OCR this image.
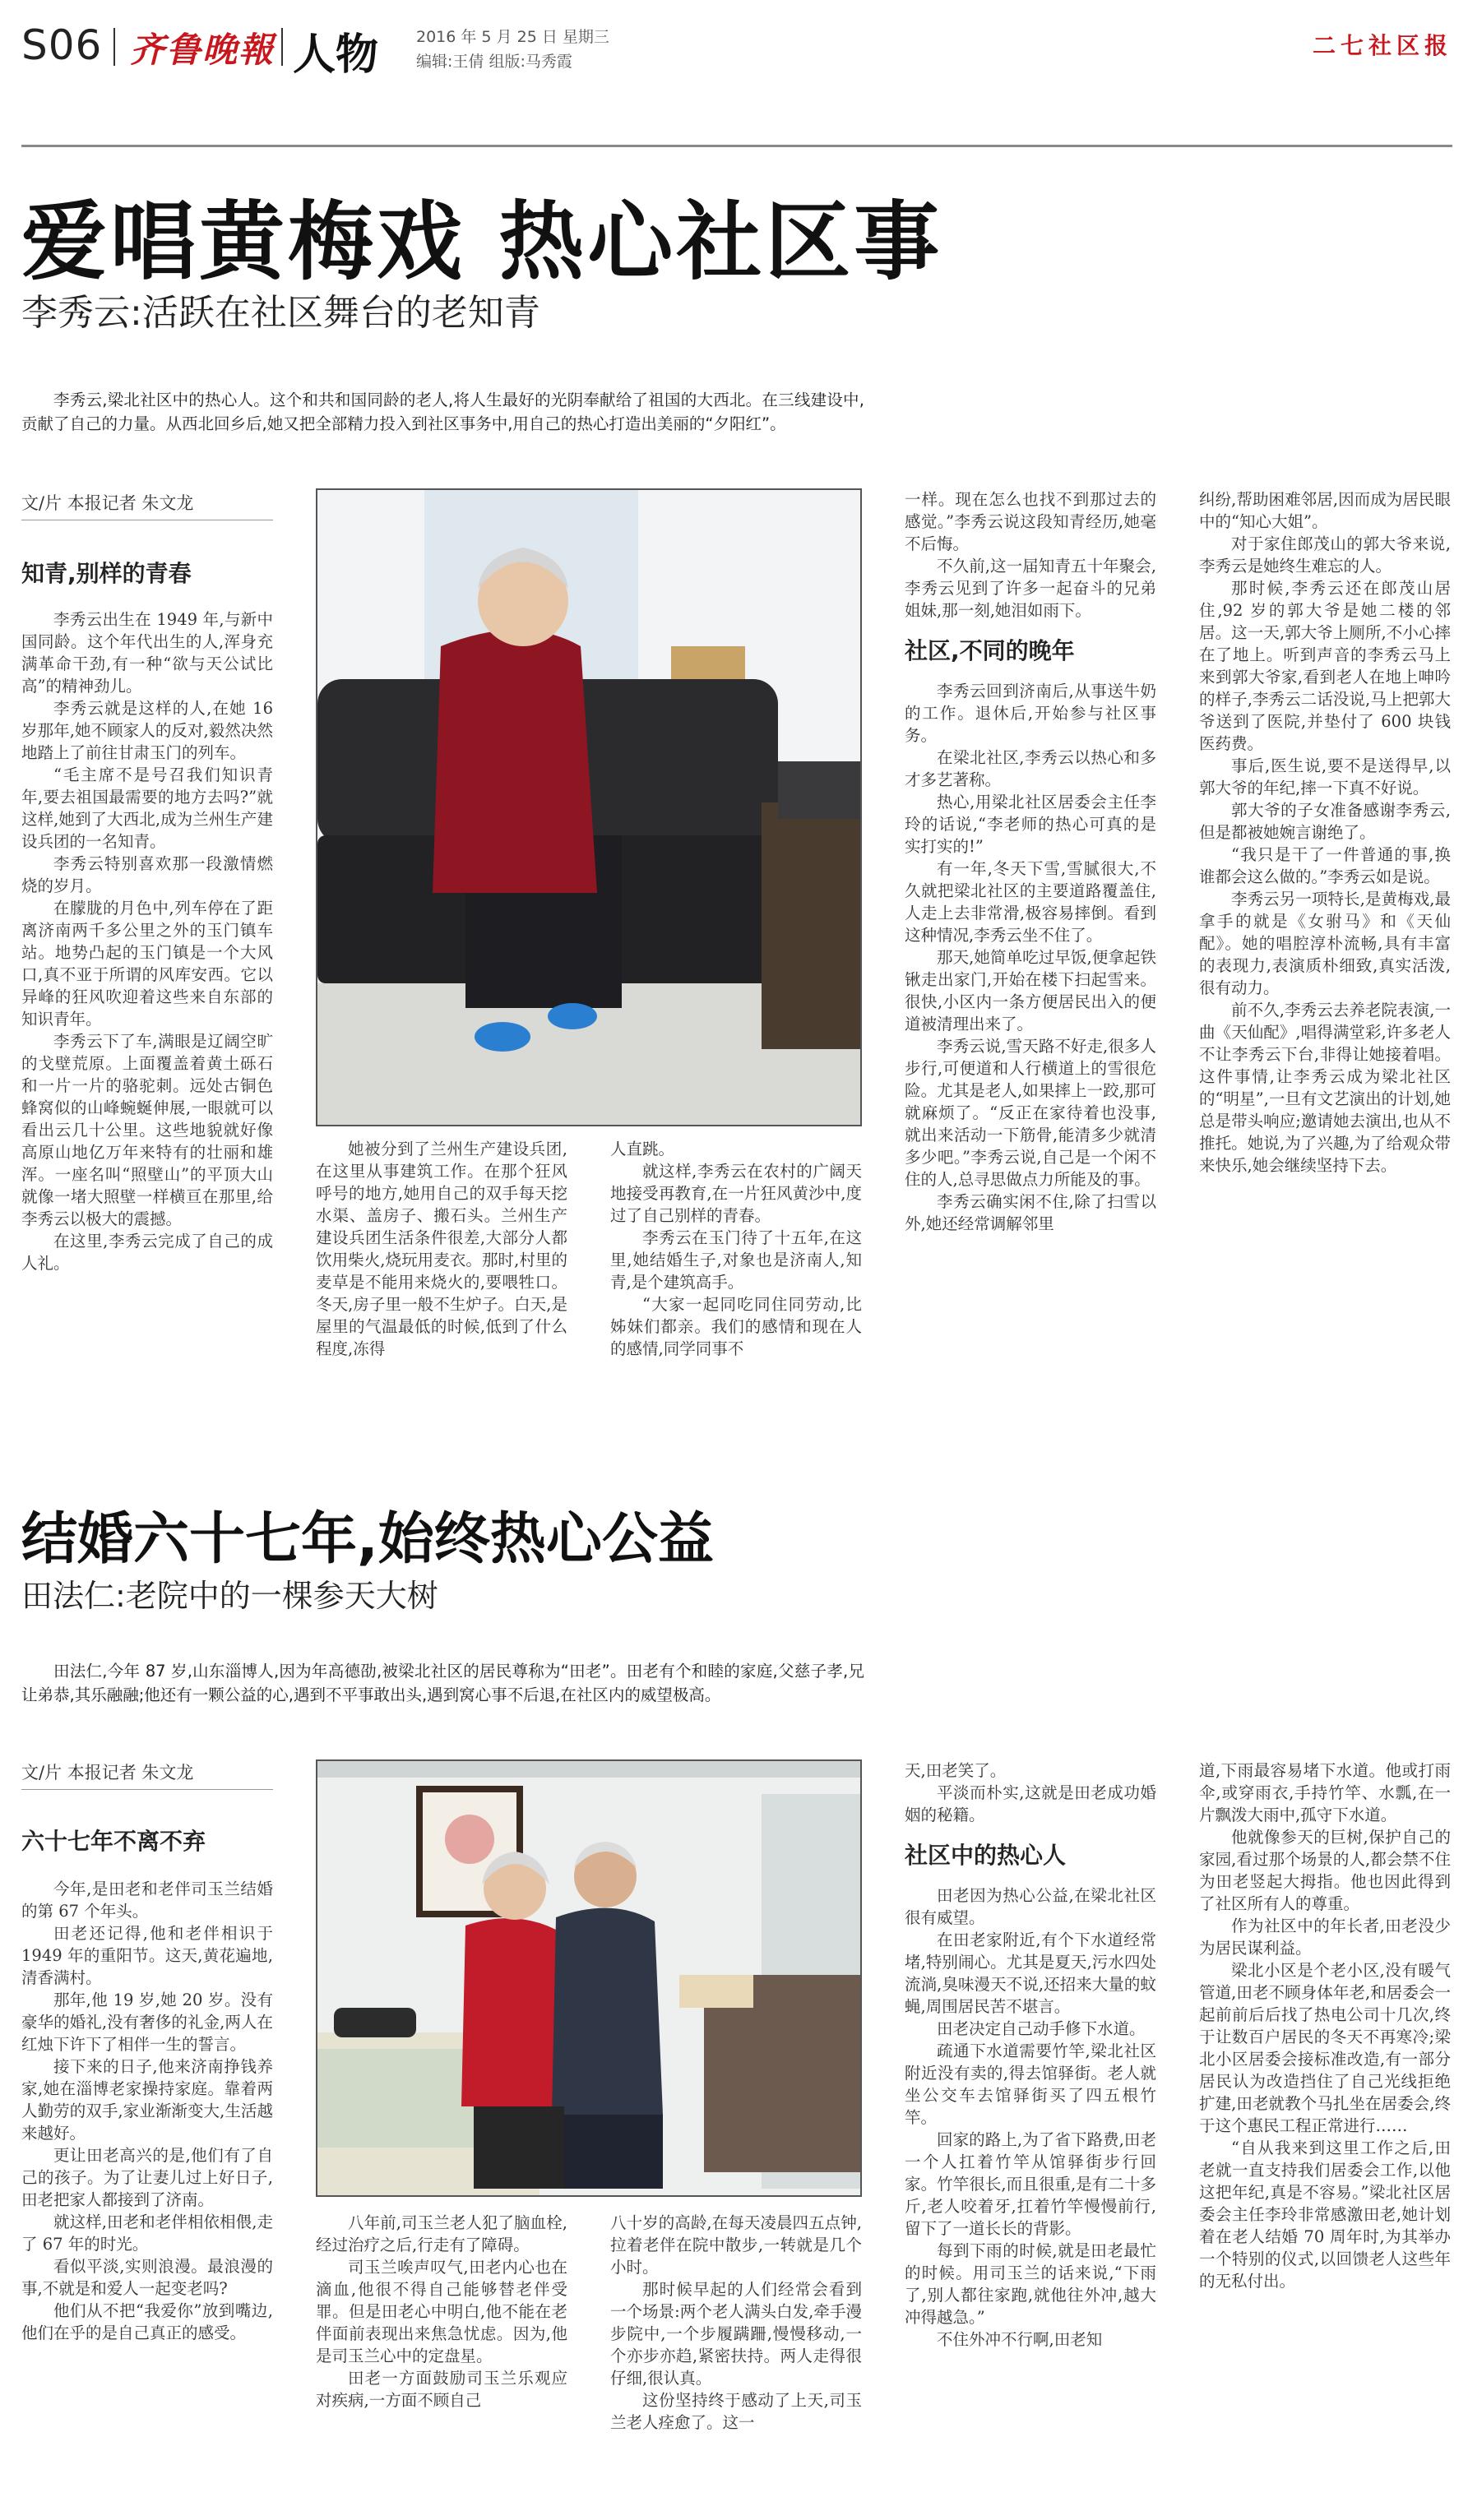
S06 齐鲁晚報 人物 2016 年 5 月 25 日 星期三
编辑:王倩 组版:马秀霞
二七社区报
爱唱黄梅戏 热心社区事
李秀云:活跃在社区舞台的老知青
李秀云,梁北社区中的热心人。这个和共和国同龄的老人,将人生最好的光阴奉献给了祖国的大西北。在三线建设中,贡献了自己的力量。从西北回乡后,她又把全部精力投入到社区事务中,用自己的热心打造出美丽的“夕阳红”。
文/片 本报记者 朱文龙
知青,别样的青春

李秀云出生在 1949 年,与新中国同龄。这个年代出生的人,浑身充满革命干劲,有一种“欲与天公试比高”的精神劲儿。

李秀云就是这样的人,在她 16 岁那年,她不顾家人的反对,毅然决然地踏上了前往甘肃玉门的列车。

“毛主席不是号召我们知识青年,要去祖国最需要的地方去吗?”就这样,她到了大西北,成为兰州生产建设兵团的一名知青。

李秀云特别喜欢那一段激情燃烧的岁月。

在朦胧的月色中,列车停在了距离济南两千多公里之外的玉门镇车站。地势凸起的玉门镇是一个大风口,真不亚于所谓的风库安西。它以异峰的狂风吹迎着这些来自东部的知识青年。

李秀云下了车,满眼是辽阔空旷的戈壁荒原。上面覆盖着黄土砾石和一片一片的骆驼刺。远处古铜色蜂窝似的山峰蜿蜒伸展,一眼就可以看出云几十公里。这些地貌就好像高原山地亿万年来特有的壮丽和雄浑。一座名叫“照壁山”的平顶大山就像一堵大照壁一样横亘在那里,给李秀云以极大的震撼。

在这里,李秀云完成了自己的成人礼。

她被分到了兰州生产建设兵团,在这里从事建筑工作。在那个狂风呼号的地方,她用自己的双手每天挖水渠、盖房子、搬石头。兰州生产建设兵团生活条件很差,大部分人都饮用柴火,烧玩用麦衣。那时,村里的麦草是不能用来烧火的,要喂牲口。冬天,房子里一般不生炉子。白天,是屋里的气温最低的时候,低到了什么程度,冻得

人直跳。

就这样,李秀云在农村的广阔天地接受再教育,在一片狂风黄沙中,度过了自己别样的青春。

李秀云在玉门待了十五年,在这里,她结婚生子,对象也是济南人,知青,是个建筑高手。

“大家一起同吃同住同劳动,比姊妹们都亲。我们的感情和现在人的感情,同学同事不

一样。现在怎么也找不到那过去的感觉。”李秀云说这段知青经历,她毫不后悔。

不久前,这一届知青五十年聚会,李秀云见到了许多一起奋斗的兄弟姐妹,那一刻,她泪如雨下。

社区,不同的晚年

李秀云回到济南后,从事送牛奶的工作。退休后,开始参与社区事务。

在梁北社区,李秀云以热心和多才多艺著称。

热心,用梁北社区居委会主任李玲的话说,“李老师的热心可真的是实打实的!”

有一年,冬天下雪,雪腻很大,不久就把梁北社区的主要道路覆盖住,人走上去非常滑,极容易摔倒。看到这种情况,李秀云坐不住了。

那天,她简单吃过早饭,便拿起铁锹走出家门,开始在楼下扫起雪来。很快,小区内一条方便居民出入的便道被清理出来了。

李秀云说,雪天路不好走,很多人步行,可便道和人行横道上的雪很危险。尤其是老人,如果摔上一跤,那可就麻烦了。“反正在家待着也没事,就出来活动一下筋骨,能清多少就清多少吧。”李秀云说,自己是一个闲不住的人,总寻思做点力所能及的事。

李秀云确实闲不住,除了扫雪以外,她还经常调解邻里

纠纷,帮助困难邻居,因而成为居民眼中的“知心大姐”。

对于家住郎茂山的郭大爷来说,李秀云是她终生难忘的人。

那时候,李秀云还在郎茂山居住,92 岁的郭大爷是她二楼的邻居。这一天,郭大爷上厕所,不小心摔在了地上。听到声音的李秀云马上来到郭大爷家,看到老人在地上呻吟的样子,李秀云二话没说,马上把郭大爷送到了医院,并垫付了 600 块钱医药费。

事后,医生说,要不是送得早,以郭大爷的年纪,摔一下真不好说。

郭大爷的子女准备感谢李秀云,但是都被她婉言谢绝了。

“我只是干了一件普通的事,换谁都会这么做的。”李秀云如是说。

李秀云另一项特长,是黄梅戏,最拿手的就是《女驸马》和《天仙配》。她的唱腔淳朴流畅,具有丰富的表现力,表演质朴细致,真实活泼,很有动力。

前不久,李秀云去养老院表演,一曲《天仙配》,唱得满堂彩,许多老人不让李秀云下台,非得让她接着唱。这件事情,让李秀云成为梁北社区的“明星”,一旦有文艺演出的计划,她总是带头响应;邀请她去演出,也从不推托。她说,为了兴趣,为了给观众带来快乐,她会继续坚持下去。

结婚六十七年,始终热心公益
田法仁:老院中的一棵参天大树
田法仁,今年 87 岁,山东淄博人,因为年高德劭,被梁北社区的居民尊称为“田老”。田老有个和睦的家庭,父慈子孝,兄让弟恭,其乐融融;他还有一颗公益的心,遇到不平事敢出头,遇到窝心事不后退,在社区内的威望极高。
文/片 本报记者 朱文龙
六十七年不离不弃

今年,是田老和老伴司玉兰结婚的第 67 个年头。

田老还记得,他和老伴相识于 1949 年的重阳节。这天,黄花遍地,清香满村。

那年,他 19 岁,她 20 岁。没有豪华的婚礼,没有奢侈的礼金,两人在红烛下许下了相伴一生的誓言。

接下来的日子,他来济南挣钱养家,她在淄博老家操持家庭。靠着两人勤劳的双手,家业渐渐变大,生活越来越好。

更让田老高兴的是,他们有了自己的孩子。为了让妻儿过上好日子,田老把家人都接到了济南。

就这样,田老和老伴相依相偎,走了 67 年的时光。

看似平淡,实则浪漫。最浪漫的事,不就是和爱人一起变老吗?

他们从不把“我爱你”放到嘴边,他们在乎的是自己真正的感受。

八年前,司玉兰老人犯了脑血栓,经过治疗之后,行走有了障碍。

司玉兰唉声叹气,田老内心也在滴血,他很不得自己能够替老伴受罪。但是田老心中明白,他不能在老伴面前表现出来焦急忧虑。因为,他是司玉兰心中的定盘星。

田老一方面鼓励司玉兰乐观应对疾病,一方面不顾自己

八十岁的高龄,在每天凌晨四五点钟,拉着老伴在院中散步,一转就是几个小时。

那时候早起的人们经常会看到一个场景:两个老人满头白发,牵手漫步院中,一个步履蹒跚,慢慢移动,一个亦步亦趋,紧密扶持。两人走得很仔细,很认真。

这份坚持终于感动了上天,司玉兰老人痊愈了。这一

天,田老笑了。

平淡而朴实,这就是田老成功婚姻的秘籍。

社区中的热心人

田老因为热心公益,在梁北社区很有威望。

在田老家附近,有个下水道经常堵,特别闹心。尤其是夏天,污水四处流淌,臭味漫天不说,还招来大量的蚊蝇,周围居民苦不堪言。

田老决定自己动手修下水道。

疏通下水道需要竹竿,梁北社区附近没有卖的,得去馆驿街。老人就坐公交车去馆驿街买了四五根竹竿。

回家的路上,为了省下路费,田老一个人扛着竹竿从馆驿街步行回家。竹竿很长,而且很重,是有二十多斤,老人咬着牙,扛着竹竿慢慢前行,留下了一道长长的背影。

每到下雨的时候,就是田老最忙的时候。用司玉兰的话来说,“下雨了,别人都往家跑,就他往外冲,越大冲得越急。”

不住外冲不行啊,田老知

道,下雨最容易堵下水道。他或打雨伞,或穿雨衣,手持竹竿、水瓢,在一片飘泼大雨中,孤守下水道。

他就像参天的巨树,保护自己的家园,看过那个场景的人,都会禁不住为田老竖起大拇指。他也因此得到了社区所有人的尊重。

作为社区中的年长者,田老没少为居民谋利益。

梁北小区是个老小区,没有暖气管道,田老不顾身体年老,和居委会一起前前后后找了热电公司十几次,终于让数百户居民的冬天不再寒冷;梁北小区居委会接标准改造,有一部分居民认为改造挡住了自己光线拒绝扩建,田老就教个马扎坐在居委会,终于这个惠民工程正常进行……

“自从我来到这里工作之后,田老就一直支持我们居委会工作,以他这把年纪,真是不容易。”梁北社区居委会主任李玲非常感激田老,她计划着在老人结婚 70 周年时,为其举办一个特别的仪式,以回馈老人这些年的无私付出。
